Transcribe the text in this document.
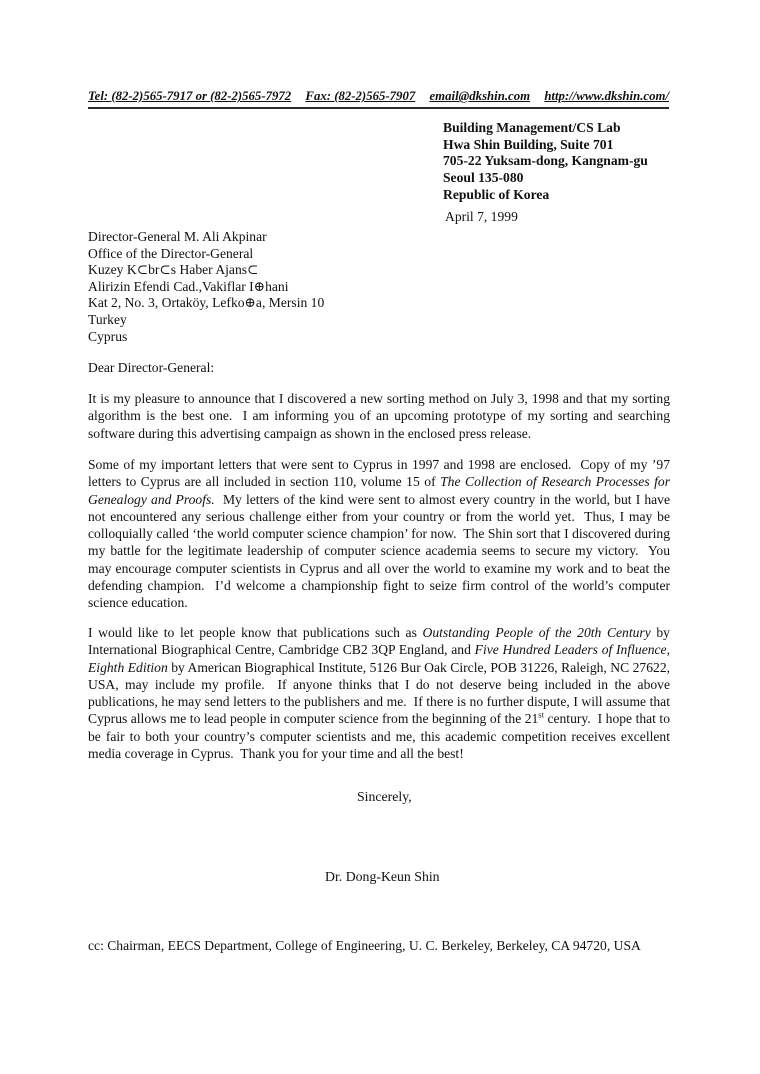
Tel: (82-2)565-7917 or (82-2)565-7972 Fax: (82-2)565-7907 email@dkshin.com http://www.dkshin.com/
Building Management/CS Lab
Hwa Shin Building, Suite 701
705-22 Yuksam-dong, Kangnam-gu
Seoul 135-080
Republic of Korea
April 7, 1999
Director-General M. Ali Akpinar
Office of the Director-General
Kuzey K⊂br⊂s Haber Ajans⊂
Alirizin Efendi Cad.,Vakiflar I⊕hani
Kat 2, No. 3, Ortaköy, Lefko⊕a, Mersin 10
Turkey
Cyprus
Dear Director-General:

It is my pleasure to announce that I discovered a new sorting method on July 3, 1998 and that my sorting algorithm is the best one.  I am informing you of an upcoming prototype of my sorting and searching software during this advertising campaign as shown in the enclosed press release.

Some of my important letters that were sent to Cyprus in 1997 and 1998 are enclosed.  Copy of my ’97 letters to Cyprus are all included in section 110, volume 15 of The Collection of Research Processes for Genealogy and Proofs.  My letters of the kind were sent to almost every country in the world, but I have not encountered any serious challenge either from your country or from the world yet.  Thus, I may be colloquially called ‘the world computer science champion’ for now.  The Shin sort that I discovered during my battle for the legitimate leadership of computer science academia seems to secure my victory.  You may encourage computer scientists in Cyprus and all over the world to examine my work and to beat the defending champion.  I’d welcome a championship fight to seize firm control of the world’s computer science education.

I would like to let people know that publications such as Outstanding People of the 20th Century by International Biographical Centre, Cambridge CB2 3QP England, and Five Hundred Leaders of Influence, Eighth Edition by American Biographical Institute, 5126 Bur Oak Circle, POB 31226, Raleigh, NC 27622, USA, may include my profile.  If anyone thinks that I do not deserve being included in the above publications, he may send letters to the publishers and me.  If there is no further dispute, I will assume that Cyprus allows me to lead people in computer science from the beginning of the 21st century.  I hope that to be fair to both your country’s computer scientists and me, this academic competition receives excellent media coverage in Cyprus.  Thank you for your time and all the best!

Sincerely,
Dr. Dong-Keun Shin
cc: Chairman, EECS Department, College of Engineering, U. C. Berkeley, Berkeley, CA 94720, USA
